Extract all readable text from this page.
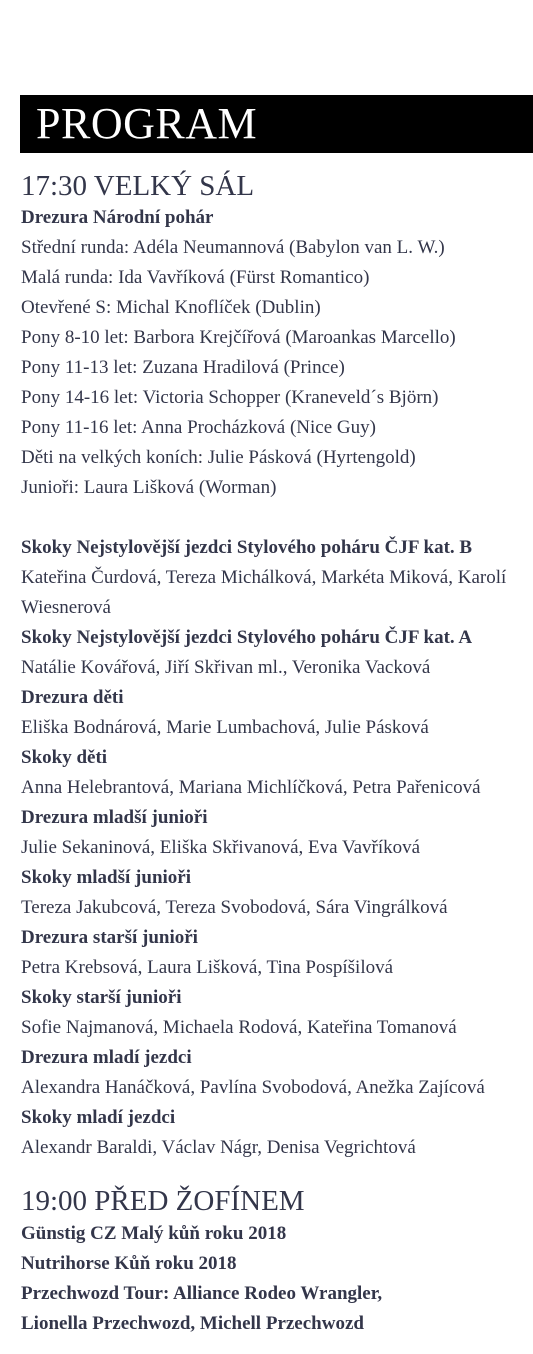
PROGRAM
17:30 VELKÝ SÁL
Drezura Národní pohár
Střední runda: Adéla Neumannová (Babylon van L. W.)
Malá runda: Ida Vavříková (Fürst Romantico)
Otevřené S: Michal Knoflíček (Dublin)
Pony 8-10 let: Barbora Krejčířová (Maroankas Marcello)
Pony 11-13 let: Zuzana Hradilová (Prince)
Pony 14-16 let: Victoria Schopper (Kraneveld´s Björn)
Pony 11-16 let: Anna Procházková (Nice Guy)
Děti na velkých koních: Julie Pásková (Hyrtengold)
Junioři: Laura Lišková (Worman)
Skoky Nejstylovější jezdci Stylového poháru ČJF kat. B
Kateřina Čurdová, Tereza Michálková, Markéta Miková, Karolí
Wiesnerová
Skoky Nejstylovější jezdci Stylového poháru ČJF kat. A
Natálie Kovářová, Jiří Skřivan ml., Veronika Vacková
Drezura děti
Eliška Bodnárová, Marie Lumbachová, Julie Pásková
Skoky děti
Anna Helebrantová, Mariana Michlíčková, Petra Pařenicová
Drezura mladší junioři
Julie Sekaninová, Eliška Skřivanová, Eva Vavříková
Skoky mladší junioři
Tereza Jakubcová, Tereza Svobodová, Sára Vingrálková
Drezura starší junioři
Petra Krebsová, Laura Lišková, Tina Pospíšilová
Skoky starší junioři
Sofie Najmanová, Michaela Rodová, Kateřina Tomanová
Drezura mladí jezdci
Alexandra Hanáčková, Pavlína Svobodová, Anežka Zajícová
Skoky mladí jezdci
Alexandr Baraldi, Václav Nágr, Denisa Vegrichtová
19:00 PŘED ŽOFÍNEM
Günstig CZ Malý kůň roku 2018
Nutrihorse Kůň roku 2018
Przechwozd Tour: Alliance Rodeo Wrangler,
Lionella Przechwozd, Michell Przechwozd
